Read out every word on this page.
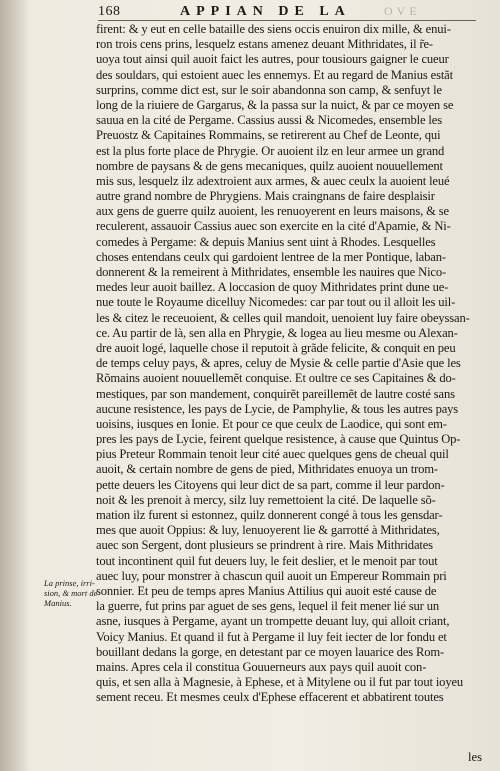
168	APPIAN DE LA	OVE
firent: & y eut en celle bataille des siens occis enuiron dix mille, & enui-
ron trois cens prins, lesquelz estans amenez deuant Mithridates, il r̃e-
uoya tout ainsi quil auoit faict les autres, pour tousiours gaigner le cueur
des souldars, qui estoient auec les ennemys. Et au regard de Manius estãt
surprins, comme dict est, sur le soir abandonna son camp, & senfuyt le
long de la riuiere de Gargarus, & la passa sur la nuict, & par ce moyen se
sauua en la cité de Pergame. Cassius aussi & Nicomedes, ensemble les
Preuostz & Capitaines Rommains, se retirerent au Chef de Leonte, qui
est la plus forte place de Phrygie. Or auoient ilz en leur armee un grand
nombre de paysans & de gens mecaniques, quilz auoient nouuellement
mis sus, lesquelz ilz adextroient aux armes, & auec ceulx la auoient leué
autre grand nombre de Phrygiens. Mais craingnans de faire desplaisir
aux gens de guerre quilz auoient, les renuoyerent en leurs maisons, & se
reculerent, assauoir Cassius auec son exercite en la cité d'Apamie, & Ni-
comedes à Pergame: & depuis Manius sent uint à Rhodes. Lesquelles
choses entendans ceulx qui gardoient lentree de la mer Pontique, laban-
donnerent & la remeirent à Mithridates, ensemble les nauires que Nico-
medes leur auoit baillez. A loccasion de quoy Mithridates print dune ue-
nue toute le Royaume dicelluy Nicomedes: car par tout ou il alloit les uil-
les & citez le receuoient, & celles quil mandoit, uenoient luy faire obeyssan-
ce. Au partir de là, sen alla en Phrygie, & logea au lieu mesme ou Alexan-
dre auoit logé, laquelle chose il reputoit à grãde felicite, & conquit en peu
de temps celuy pays, & apres, celuy de Mysie & celle partie d'Asie que les
Rõmains auoient nouuellemẽt conquise. Et oultre ce ses Capitaines & do-
mestiques, par son mandement, conquirẽt pareillemẽt de lautre costé sans
aucune resistence, les pays de Lycie, de Pamphylie, & tous les autres pays
uoisins, iusques en Ionie. Et pour ce que ceulx de Laodice, qui sont em-
pres les pays de Lycie, feirent quelque resistence, à cause que Quintus Op-
pius Preteur Rommain tenoit leur cité auec quelques gens de cheual quil
auoit, & certain nombre de gens de pied, Mithridates enuoya un trom-
pette deuers les Citoyens qui leur dict de sa part, comme il leur pardon-
noit & les prenoit à mercy, silz luy remettoient la cité. De laquelle sõ-
mation ilz furent si estonnez, quilz donnerent congé à tous les gensdar-
mes que auoit Oppius: & luy, lenuoyerent lie & garrotté à Mithridates,
auec son Sergent, dont plusieurs se prindrent à rire. Mais Mithridates
tout incontinent quil fut deuers luy, le feit deslier, et le menoit par tout
auec luy, pour monstrer à chascun quil auoit un Empereur Rommain pri
sonnier. Et peu de temps apres Manius Attilius qui auoit esté cause de
la guerre, fut prins par aguet de ses gens, lequel il feit mener lié sur un
asne, iusques à Pergame, ayant un trompette deuant luy, qui alloit criant,
Voicy Manius. Et quand il fut à Pergame il luy feit iecter de lor fondu et
bouillant dedans la gorge, en detestant par ce moyen lauarice des Rom-
mains. Apres cela il constitua Gouuerneurs aux pays quil auoit con-
quis, et sen alla à Magnesie, à Ephese, et à Mitylene ou il fut par tout ioyeu
sement receu. Et mesmes ceulx d'Ephese effacerent et abbatirent toutes
La prinse, irri-
sion, & mort de
Manius.
les
